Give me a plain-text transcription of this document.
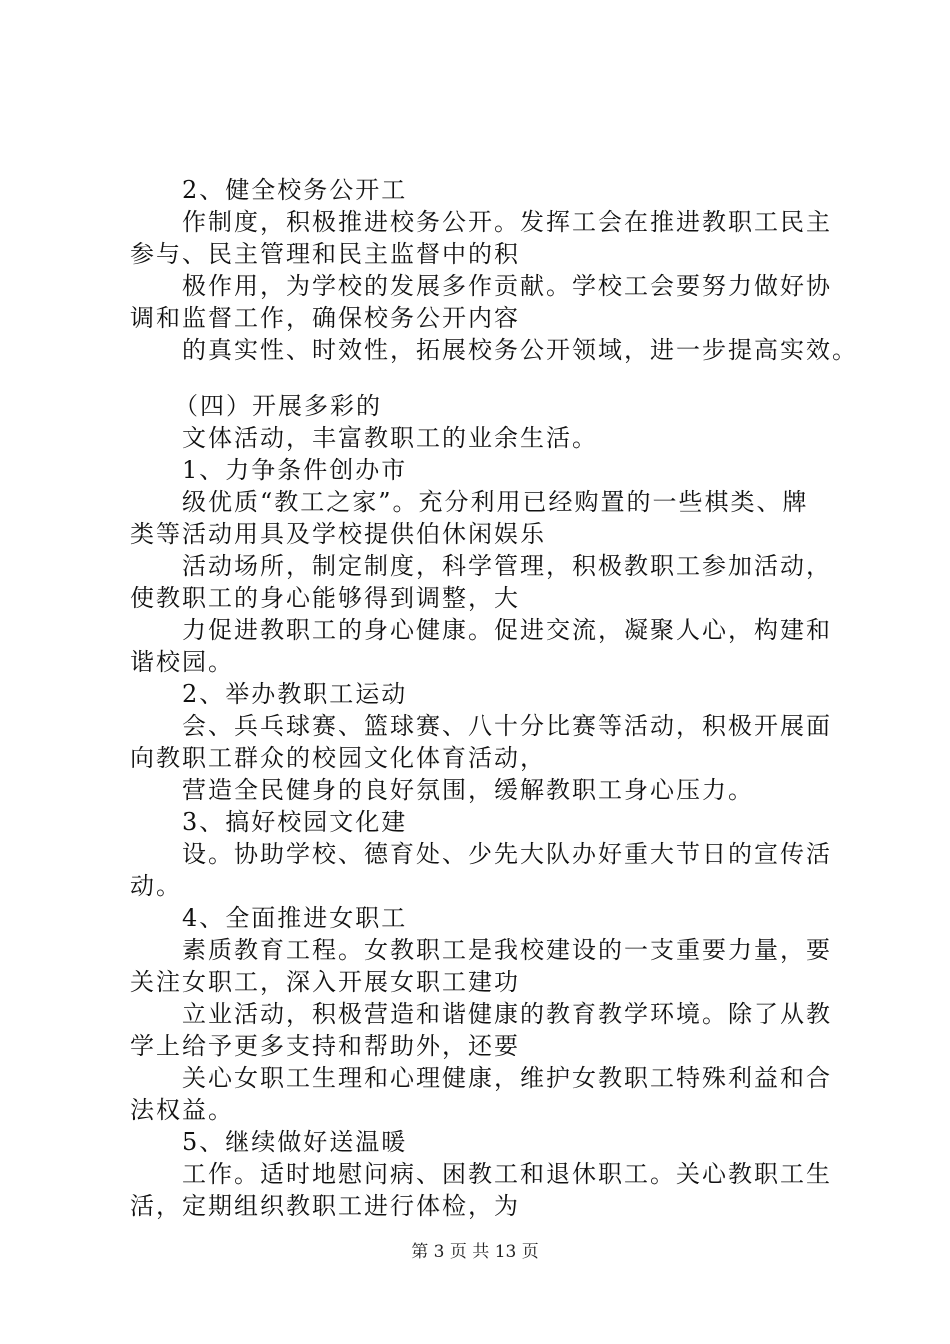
2、健全校务公开工
作制度，积极推进校务公开。发挥工会在推进教职工民主
参与、民主管理和民主监督中的积
极作用，为学校的发展多作贡献。学校工会要努力做好协
调和监督工作，确保校务公开内容
的真实性、时效性，拓展校务公开领域，进一步提高实效。
（四）开展多彩的
文体活动，丰富教职工的业余生活。
1、力争条件创办市
级优质“教工之家”。充分利用已经购置的一些棋类、牌
类等活动用具及学校提供伯休闲娱乐
活动场所，制定制度，科学管理，积极教职工参加活动，
使教职工的身心能够得到调整，大
力促进教职工的身心健康。促进交流，凝聚人心，构建和
谐校园。
2、举办教职工运动
会、兵乓球赛、篮球赛、八十分比赛等活动，积极开展面
向教职工群众的校园文化体育活动，
营造全民健身的良好氛围，缓解教职工身心压力。
3、搞好校园文化建
设。协助学校、德育处、少先大队办好重大节日的宣传活
动。
4、全面推进女职工
素质教育工程。女教职工是我校建设的一支重要力量，要
关注女职工，深入开展女职工建功
立业活动，积极营造和谐健康的教育教学环境。除了从教
学上给予更多支持和帮助外，还要
关心女职工生理和心理健康，维护女教职工特殊利益和合
法权益。
5、继续做好送温暖
工作。适时地慰问病、困教工和退休职工。关心教职工生
活，定期组织教职工进行体检，为
第 3 页 共 13 页
